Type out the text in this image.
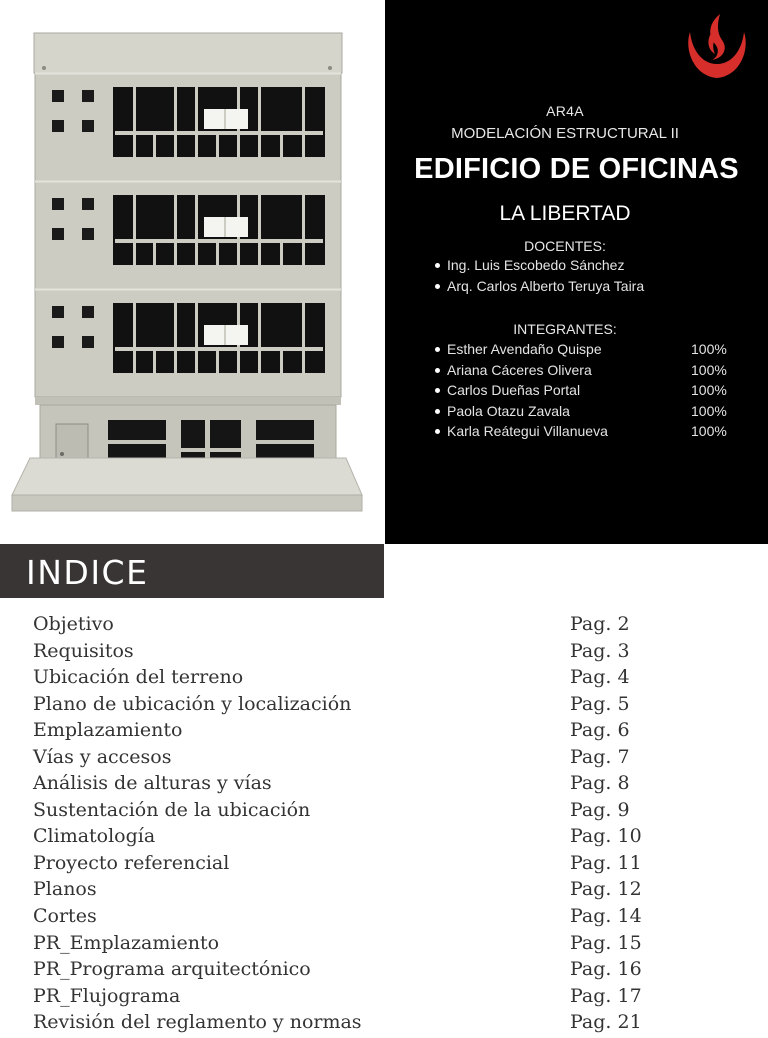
AR4A
MODELACIÓN ESTRUCTURAL II
EDIFICIO DE OFICINAS
LA LIBERTAD
DOCENTES:
Ing. Luis Escobedo Sánchez
Arq. Carlos Alberto Teruya Taira
INTEGRANTES:
Esther Avendaño Quispe	100%
Ariana Cáceres Olivera	100%
Carlos Dueñas Portal	100%
Paola Otazu Zavala	100%
Karla Reátegui Villanueva	100%
INDICE
Objetivo	Pag. 2
Requisitos	Pag. 3
Ubicación del terreno	Pag. 4
Plano de ubicación y localización	Pag. 5
Emplazamiento	Pag. 6
Vías y accesos	Pag. 7
Análisis de alturas y vías	Pag. 8
Sustentación de la ubicación	Pag. 9
Climatología	Pag. 10
Proyecto referencial	Pag. 11
Planos	Pag. 12
Cortes	Pag. 14
PR_Emplazamiento	Pag. 15
PR_Programa arquitectónico	Pag. 16
PR_Flujograma	Pag. 17
Revisión del reglamento y normas	Pag. 21
